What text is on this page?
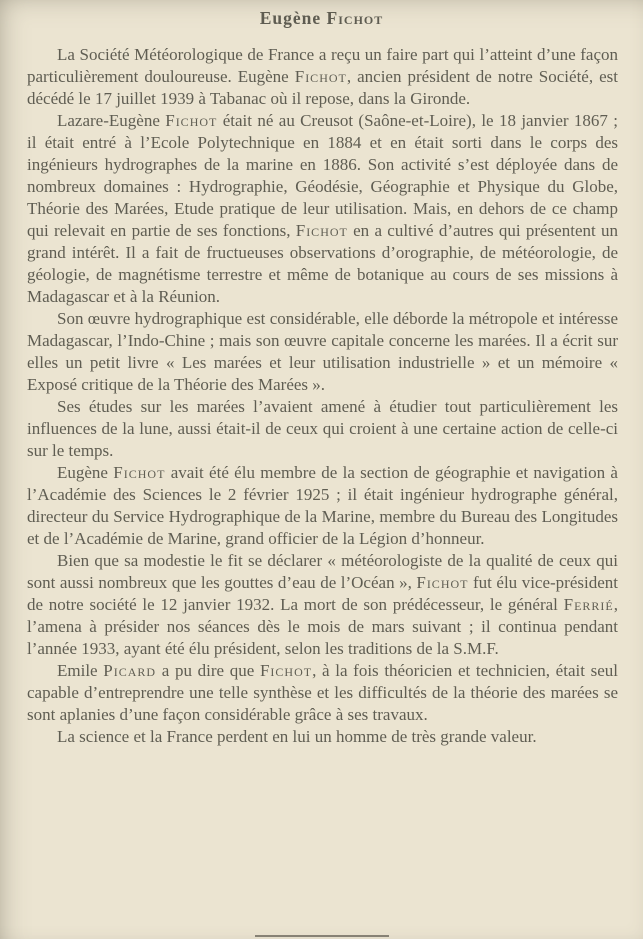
Eugène Fichot

La Société Météorologique de France a reçu un faire part qui l’atteint d’une façon particulièrement douloureuse. Eugène Fichot, ancien président de notre Société, est décédé le 17 juillet 1939 à Tabanac où il repose, dans la Gironde.

Lazare-Eugène Fichot était né au Creusot (Saône-et-Loire), le 18 janvier 1867 ; il était entré à l’Ecole Polytechnique en 1884 et en était sorti dans le corps des ingénieurs hydrographes de la marine en 1886. Son activité s’est déployée dans de nombreux domaines : Hydrographie, Géodésie, Géographie et Physique du Globe, Théorie des Marées, Etude pratique de leur utilisation. Mais, en dehors de ce champ qui relevait en partie de ses fonctions, Fichot en a cultivé d’autres qui présentent un grand intérêt. Il a fait de fructueuses observations d’orographie, de météorologie, de géologie, de magnétisme terrestre et même de botanique au cours de ses missions à Madagascar et à la Réunion.

Son œuvre hydrographique est considérable, elle déborde la métropole et intéresse Madagascar, l’Indo-Chine ; mais son œuvre capitale concerne les marées. Il a écrit sur elles un petit livre « Les marées et leur utilisation industrielle » et un mémoire « Exposé critique de la Théorie des Marées ».

Ses études sur les marées l’avaient amené à étudier tout particulièrement les influences de la lune, aussi était-il de ceux qui croient à une certaine action de celle-ci sur le temps.

Eugène Fichot avait été élu membre de la section de géographie et navigation à l’Académie des Sciences le 2 février 1925 ; il était ingénieur hydrographe général, directeur du Service Hydrographique de la Marine, membre du Bureau des Longitudes et de l’Académie de Marine, grand officier de la Légion d’honneur.

Bien que sa modestie le fit se déclarer « météorologiste de la qualité de ceux qui sont aussi nombreux que les gouttes d’eau de l’Océan », Fichot fut élu vice-président de notre société le 12 janvier 1932. La mort de son prédécesseur, le général Ferrié, l’amena à présider nos séances dès le mois de mars suivant ; il continua pendant l’année 1933, ayant été élu président, selon les traditions de la S.M.F.

Emile Picard a pu dire que Fichot, à la fois théoricien et technicien, était seul capable d’entreprendre une telle synthèse et les difficultés de la théorie des marées se sont aplanies d’une façon considérable grâce à ses travaux.

La science et la France perdent en lui un homme de très grande valeur.
